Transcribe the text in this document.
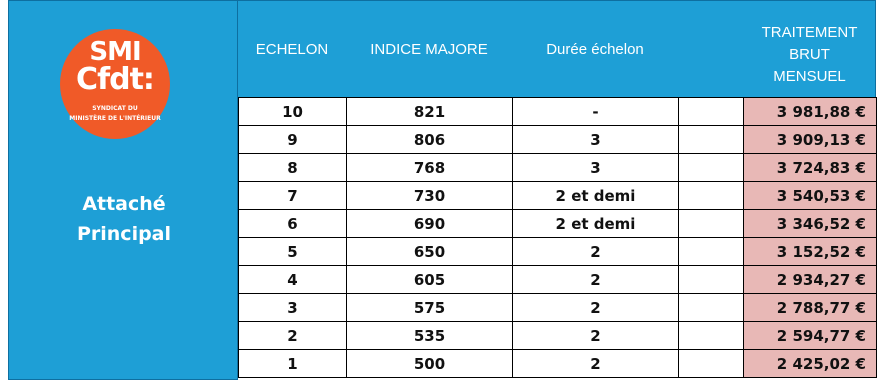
SMI
Cfdt:
SYNDICAT DU
MINISTÈRE DE L'INTÉRIEUR
Attaché
Principal
ECHELON	INDICE MAJORE	Durée échelon
TRAITEMENT
BRUT
MENSUEL
10	821	-		3 981,88 €
9	806	3		3 909,13 €
8	768	3		3 724,83 €
7	730	2 et demi		3 540,53 €
6	690	2 et demi		3 346,52 €
5	650	2		3 152,52 €
4	605	2		2 934,27 €
3	575	2		2 788,77 €
2	535	2		2 594,77 €
1	500	2		2 425,02 €
